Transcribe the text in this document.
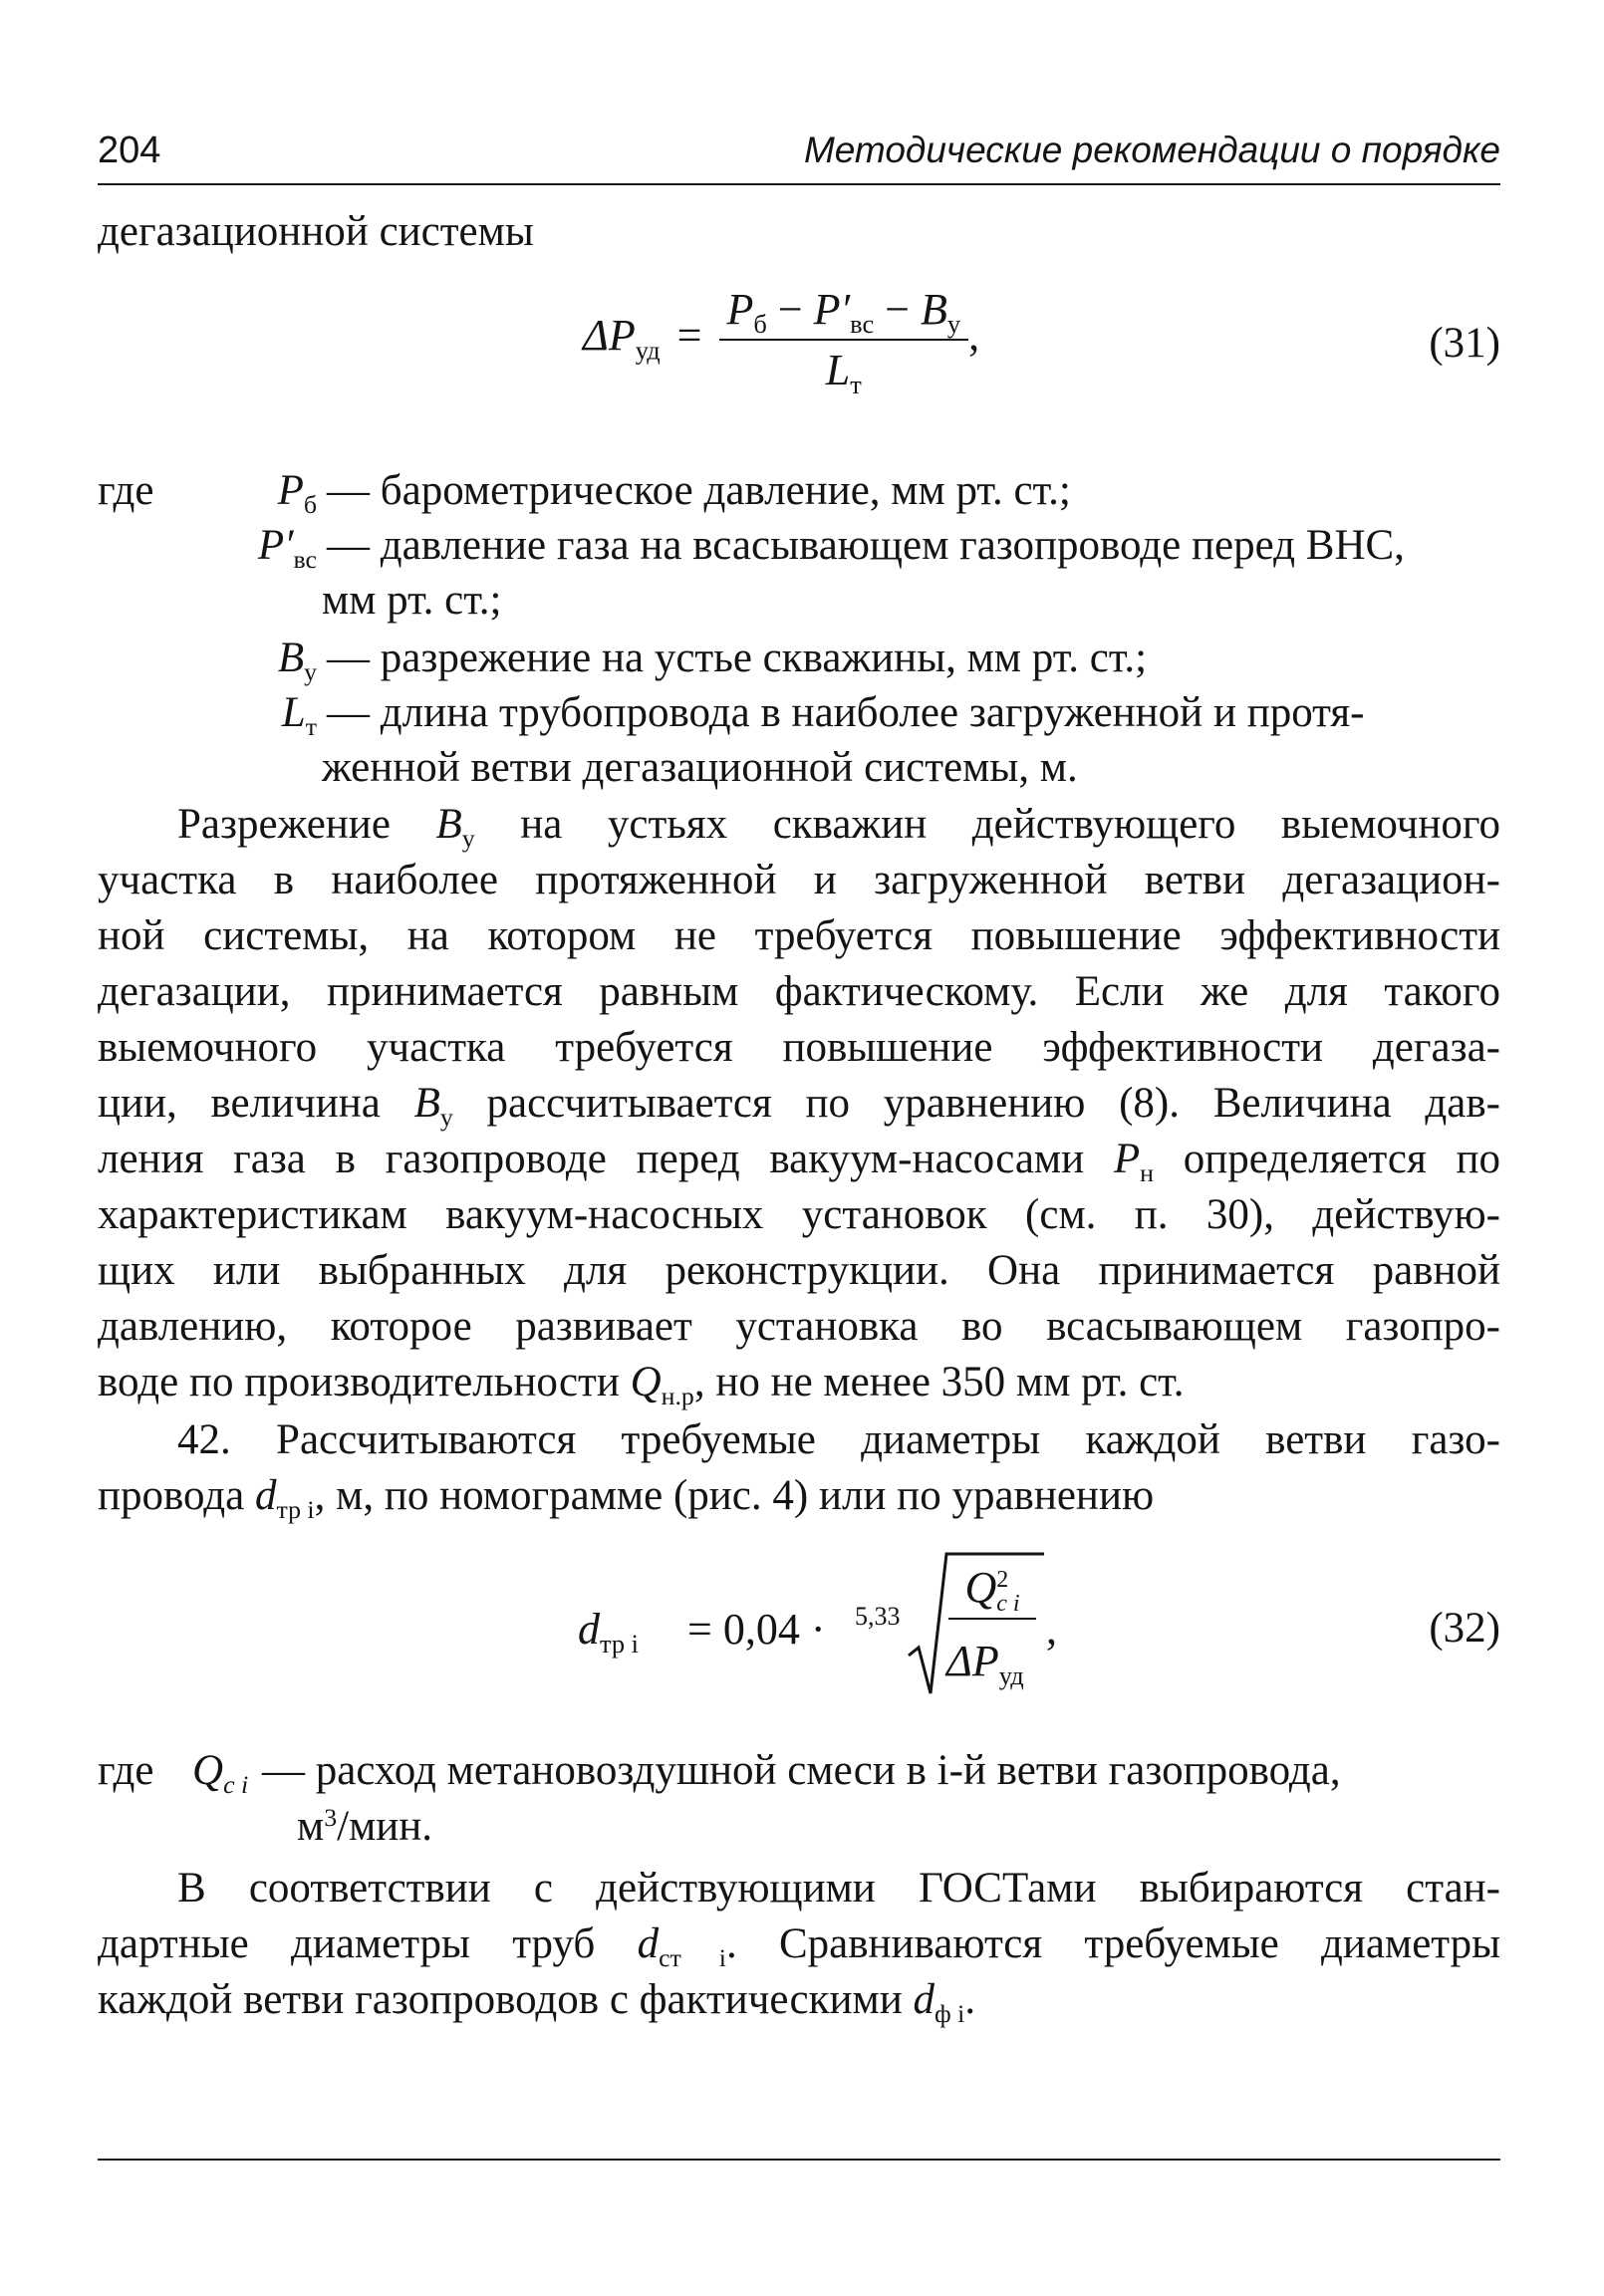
204	Методические рекомендации о порядке
дегазационной системы
$\Delta P_{уд} = \frac{P_б - P'_{вс} - B_у}{L_т}$ ,	(31)
где	$P_б$ — барометрическое давление, мм рт. ст.;
$P'_{вс}$ — давление газа на всасывающем газопроводе перед ВНС,
мм рт. ст.;
$B_у$ — разрежение на устье скважины, мм рт. ст.;
$L_т$ — длина трубопровода в наиболее загруженной и протя-
женной ветви дегазационной системы, м.
Разрежение $B_у$ на устьях скважин действующего выемочного
участка в наиболее протяженной и загруженной ветви дегазацион-
ной системы, на котором не требуется повышение эффективности
дегазации, принимается равным фактическому. Если же для такого
выемочного участка требуется повышение эффективности дегаза-
ции, величина $B_у$ рассчитывается по уравнению (8). Величина дав-
ления газа в газопроводе перед вакуум-насосами $P_н$ определяется по
характеристикам вакуум-насосных установок (см. п. 30), действую-
щих или выбранных для реконструкции. Она принимается равной
давлению, которое развивает установка во всасывающем газопро-
воде по производительности $Q_{н.р}$, но не менее 350 мм рт. ст.
42. Рассчитываются требуемые диаметры каждой ветви газо-
провода $d_{тр i}$, м, по номограмме (рис. 4) или по уравнению
$d_{тр i} = 0,04 \cdot 5,33$
Q 2
с i
$\Delta P_{уд}$
,	(32)
где $Q_{с i}$ — расход метановоздушной смеси в i-й ветви газопровода,
$м^3$/мин.
В соответствии с действующими ГОСТами выбираются стан-
дартные диаметры труб $d_{ст i}$. Сравниваются требуемые диаметры
каждой ветви газопроводов с фактическими $d_{ф i}$.
